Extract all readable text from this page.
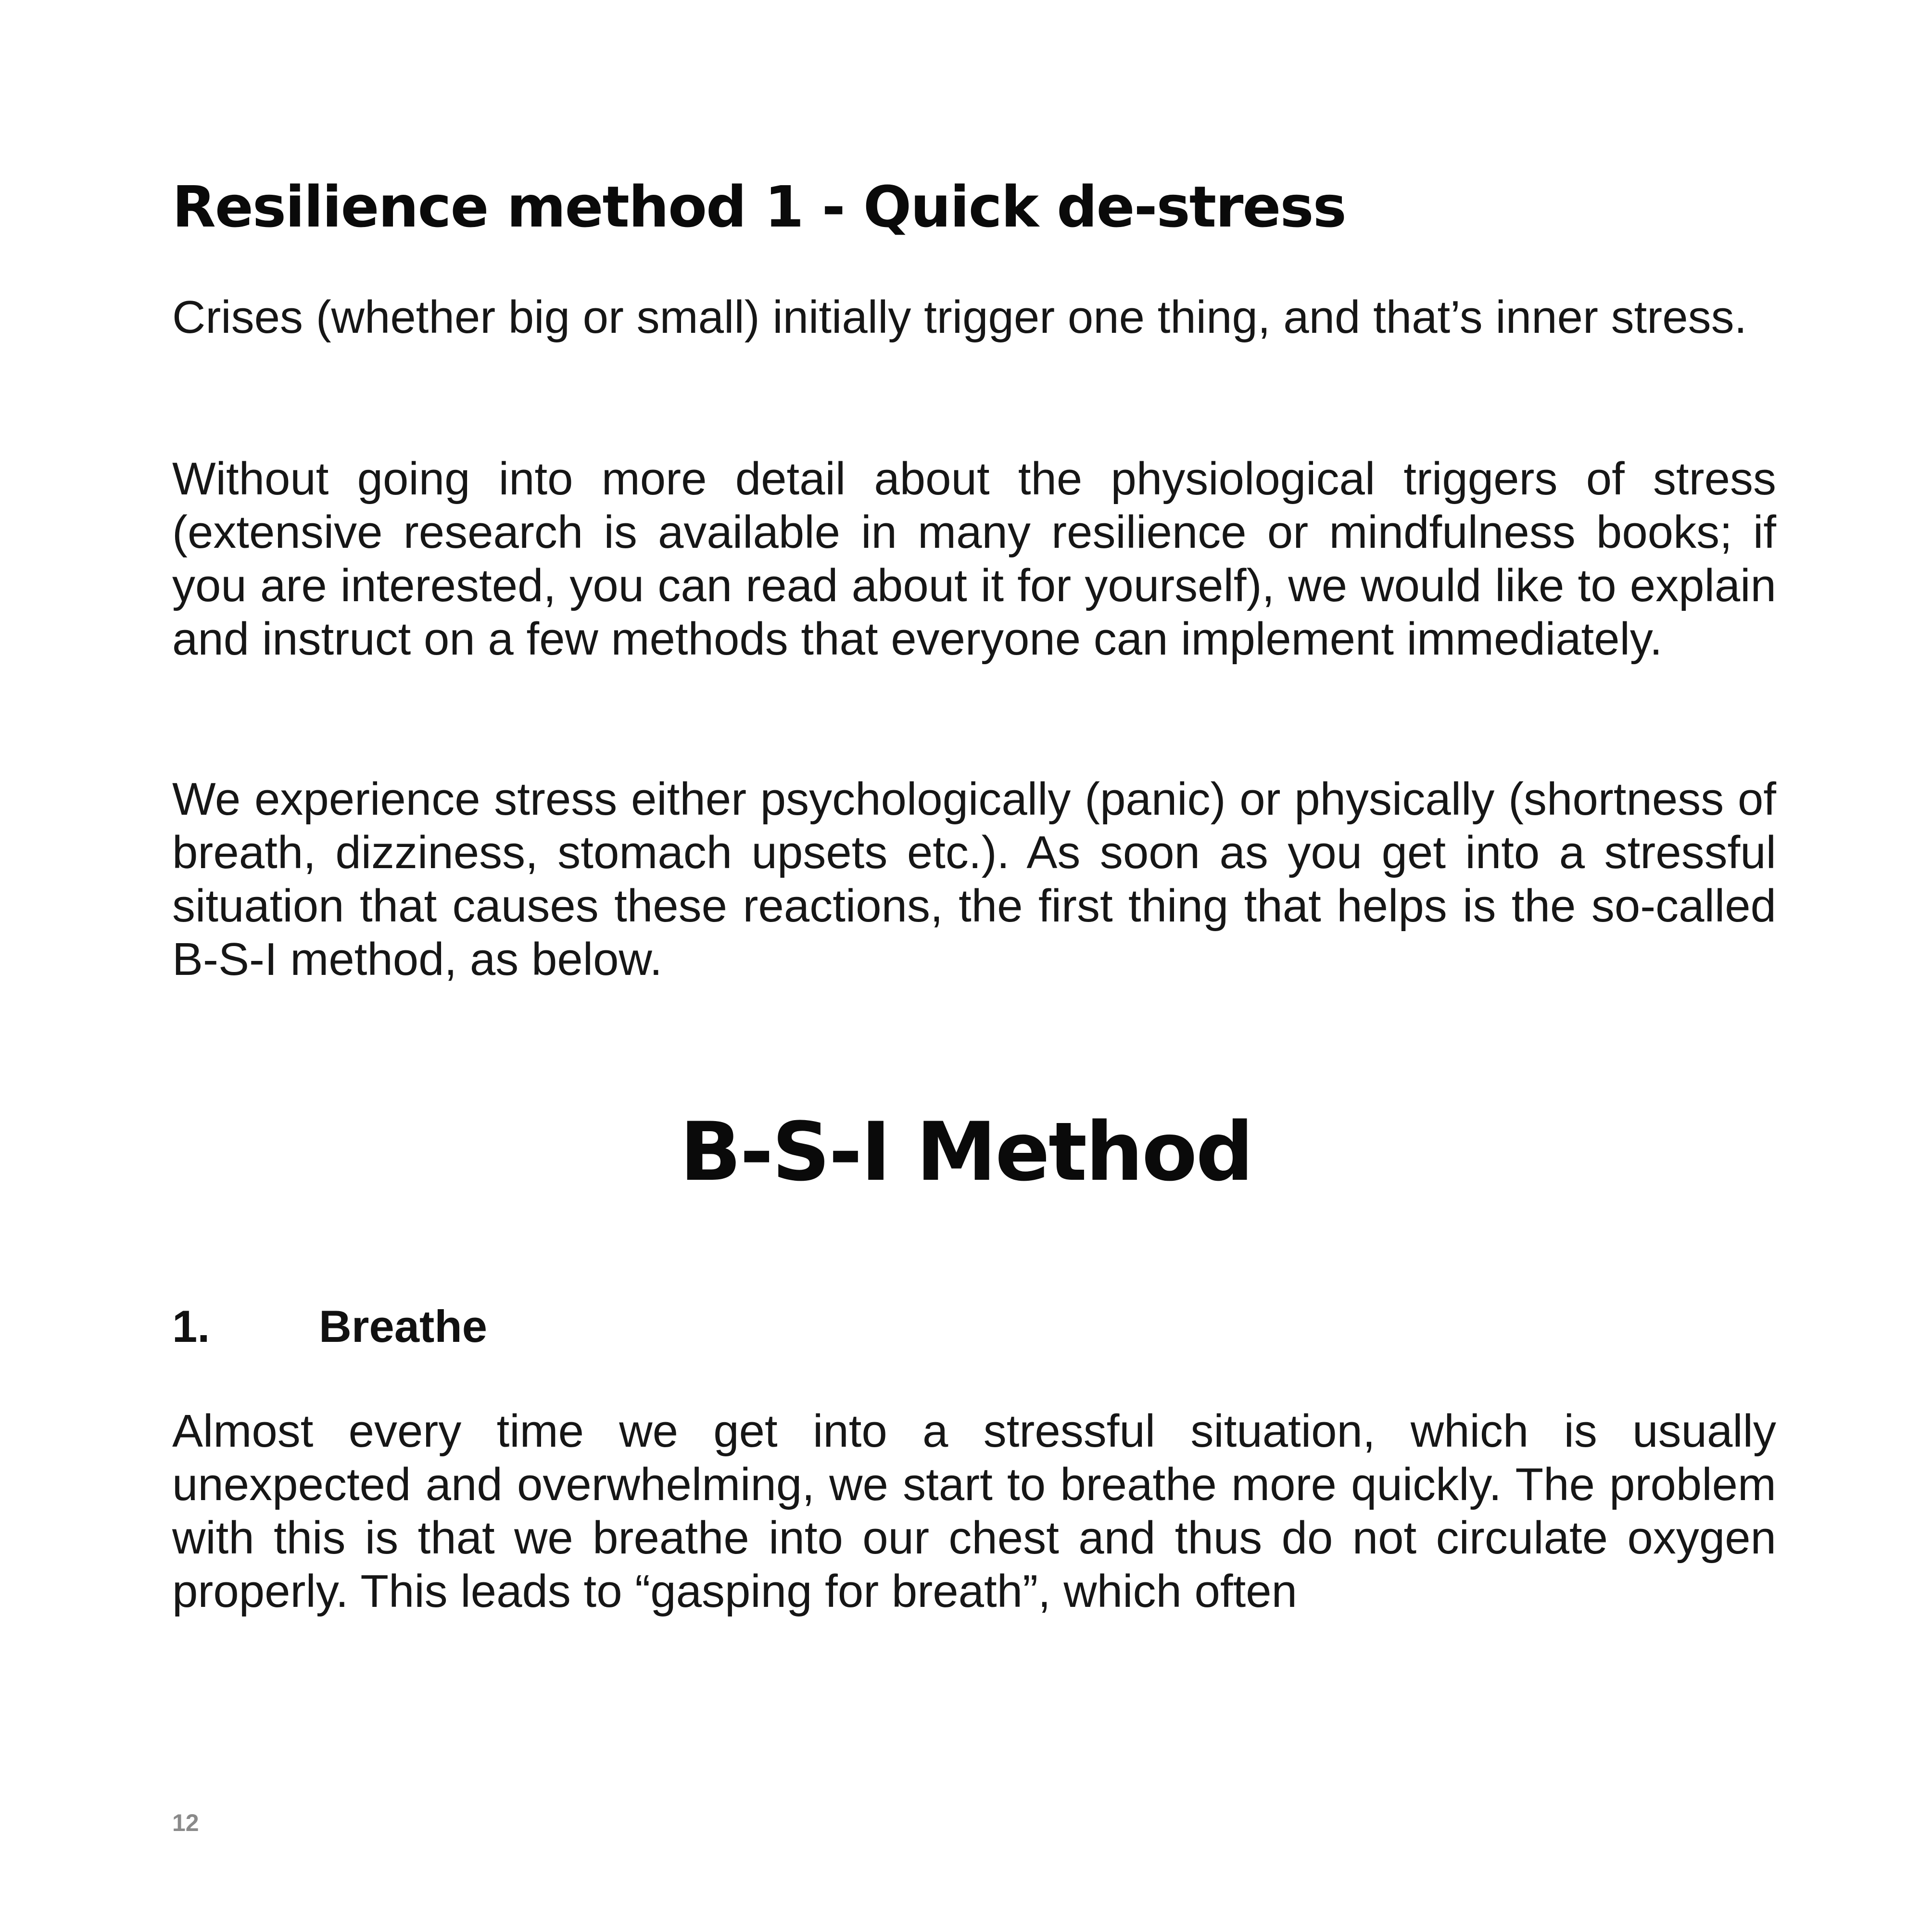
Resilience method 1 - Quick de-stress

Crises (whether big or small) initially trigger one thing, and that’s inner stress.

Without going into more detail about the physiological triggers of stress (extensive research is available in many resilience or mindfulness books; if you are interested, you can read about it for yourself), we would like to explain and instruct on a few methods that everyone can implement immediately.

We experience stress either psychologically (panic) or physically (shortness of breath, dizziness, stomach upsets etc.). As soon as you get into a stressful situation that causes these reactions, the first thing that helps is the so-called B-S-I method, as below.

B-S-I Method
1. Breathe

Almost every time we get into a stressful situation, which is usually unexpected and overwhelming, we start to breathe more quickly. The problem with this is that we breathe into our chest and thus do not circulate oxygen properly. This leads to “gasping for breath”, which often

12
